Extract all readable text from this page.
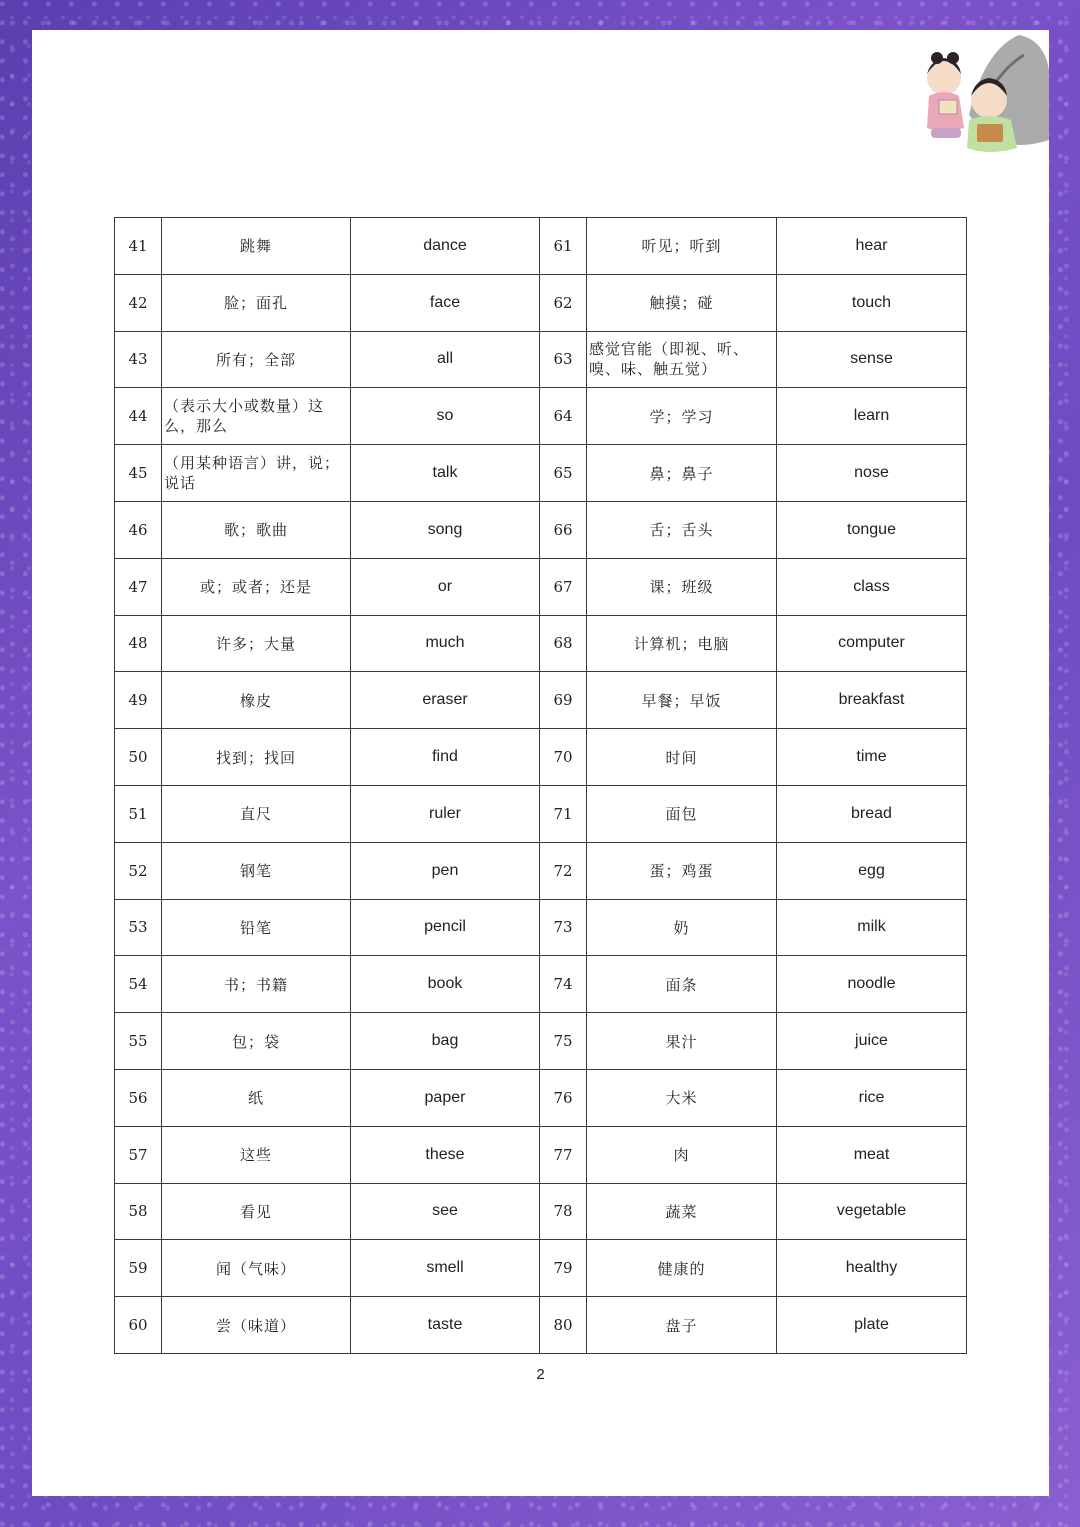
41	跳舞	dance	61	听见；听到	hear
42	脸；面孔	face	62	触摸；碰	touch
43	所有；全部	all	63	感觉官能（即视、听、嗅、味、触五觉）	sense
44	（表示大小或数量）这么，那么	so	64	学；学习	learn
45	（用某种语言）讲，说；说话	talk	65	鼻；鼻子	nose
46	歌；歌曲	song	66	舌；舌头	tongue
47	或；或者；还是	or	67	课；班级	class
48	许多；大量	much	68	计算机；电脑	computer
49	橡皮	eraser	69	早餐；早饭	breakfast
50	找到；找回	find	70	时间	time
51	直尺	ruler	71	面包	bread
52	钢笔	pen	72	蛋；鸡蛋	egg
53	铅笔	pencil	73	奶	milk
54	书；书籍	book	74	面条	noodle
55	包；袋	bag	75	果汁	juice
56	纸	paper	76	大米	rice
57	这些	these	77	肉	meat
58	看见	see	78	蔬菜	vegetable
59	闻（气味）	smell	79	健康的	healthy
60	尝（味道）	taste	80	盘子	plate
2
